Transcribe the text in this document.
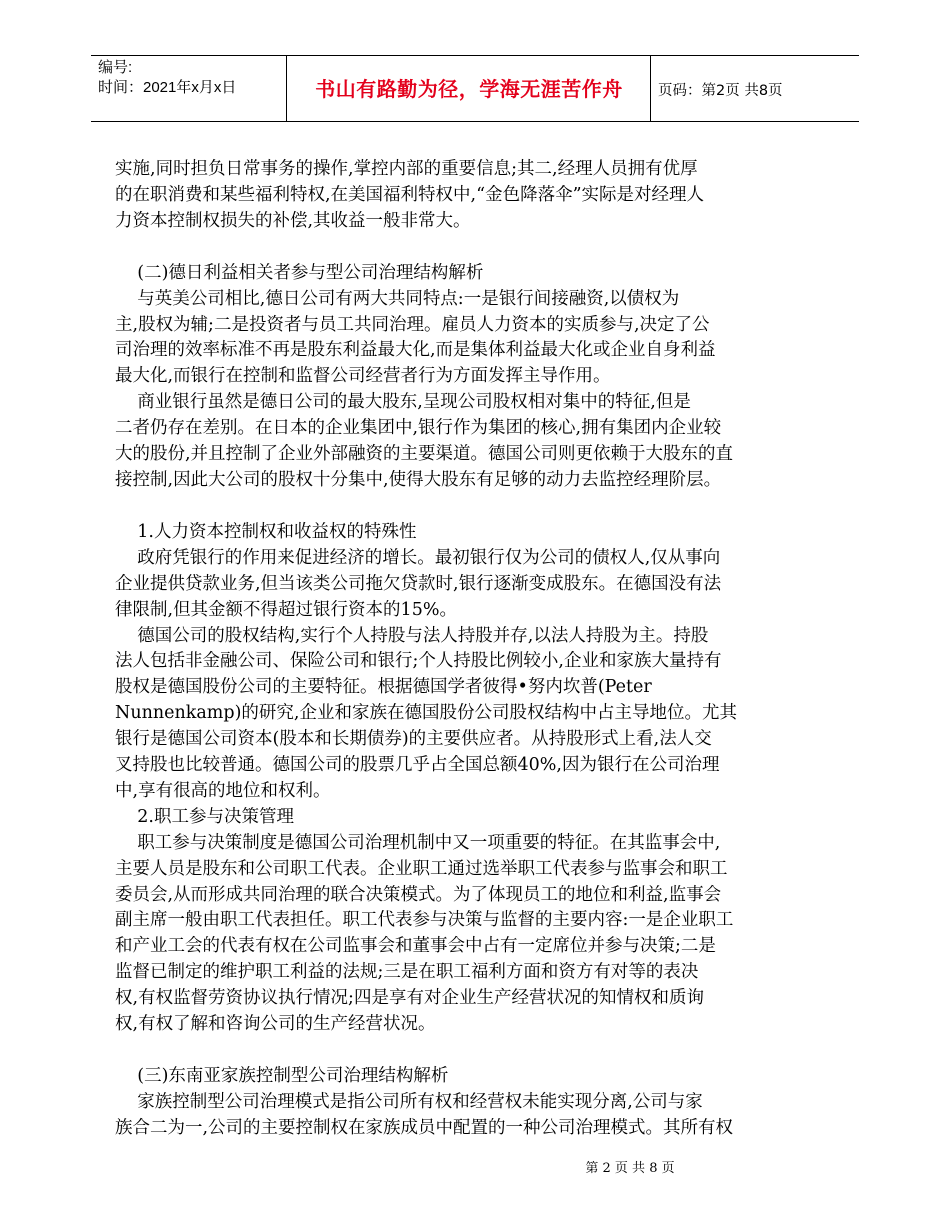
编号:
时间：2021年x月x日	书山有路勤为径，学海无涯苦作舟	页码：第2页 共8页

实施,同时担负日常事务的操作,掌控内部的重要信息;其二,经理人员拥有优厚

的在职消费和某些福利特权,在美国福利特权中,“金色降落伞”实际是对经理人

力资本控制权损失的补偿,其收益一般非常大。

(二)德日利益相关者参与型公司治理结构解析

与英美公司相比,德日公司有两大共同特点:一是银行间接融资,以债权为

主,股权为辅;二是投资者与员工共同治理。雇员人力资本的实质参与,决定了公

司治理的效率标准不再是股东利益最大化,而是集体利益最大化或企业自身利益

最大化,而银行在控制和监督公司经营者行为方面发挥主导作用。

商业银行虽然是德日公司的最大股东,呈现公司股权相对集中的特征,但是

二者仍存在差别。在日本的企业集团中,银行作为集团的核心,拥有集团内企业较

大的股份,并且控制了企业外部融资的主要渠道。德国公司则更依赖于大股东的直

接控制,因此大公司的股权十分集中,使得大股东有足够的动力去监控经理阶层。

1.人力资本控制权和收益权的特殊性

政府凭银行的作用来促进经济的增长。最初银行仅为公司的债权人,仅从事向

企业提供贷款业务,但当该类公司拖欠贷款时,银行逐渐变成股东。在德国没有法

律限制,但其金额不得超过银行资本的15%。

德国公司的股权结构,实行个人持股与法人持股并存,以法人持股为主。持股

法人包括非金融公司、保险公司和银行;个人持股比例较小,企业和家族大量持有

股权是德国股份公司的主要特征。根据德国学者彼得•努内坎普(Peter

Nunnenkamp)的研究,企业和家族在德国股份公司股权结构中占主导地位。尤其

银行是德国公司资本(股本和长期债券)的主要供应者。从持股形式上看,法人交

叉持股也比较普通。德国公司的股票几乎占全国总额40%,因为银行在公司治理

中,享有很高的地位和权利。

2.职工参与决策管理

职工参与决策制度是德国公司治理机制中又一项重要的特征。在其监事会中,

主要人员是股东和公司职工代表。企业职工通过选举职工代表参与监事会和职工

委员会,从而形成共同治理的联合决策模式。为了体现员工的地位和利益,监事会

副主席一般由职工代表担任。职工代表参与决策与监督的主要内容:一是企业职工

和产业工会的代表有权在公司监事会和董事会中占有一定席位并参与决策;二是

监督已制定的维护职工利益的法规;三是在职工福利方面和资方有对等的表决

权,有权监督劳资协议执行情况;四是享有对企业生产经营状况的知情权和质询

权,有权了解和咨询公司的生产经营状况。

(三)东南亚家族控制型公司治理结构解析

家族控制型公司治理模式是指公司所有权和经营权未能实现分离,公司与家

族合二为一,公司的主要控制权在家族成员中配置的一种公司治理模式。其所有权

第 2 页 共 8 页
